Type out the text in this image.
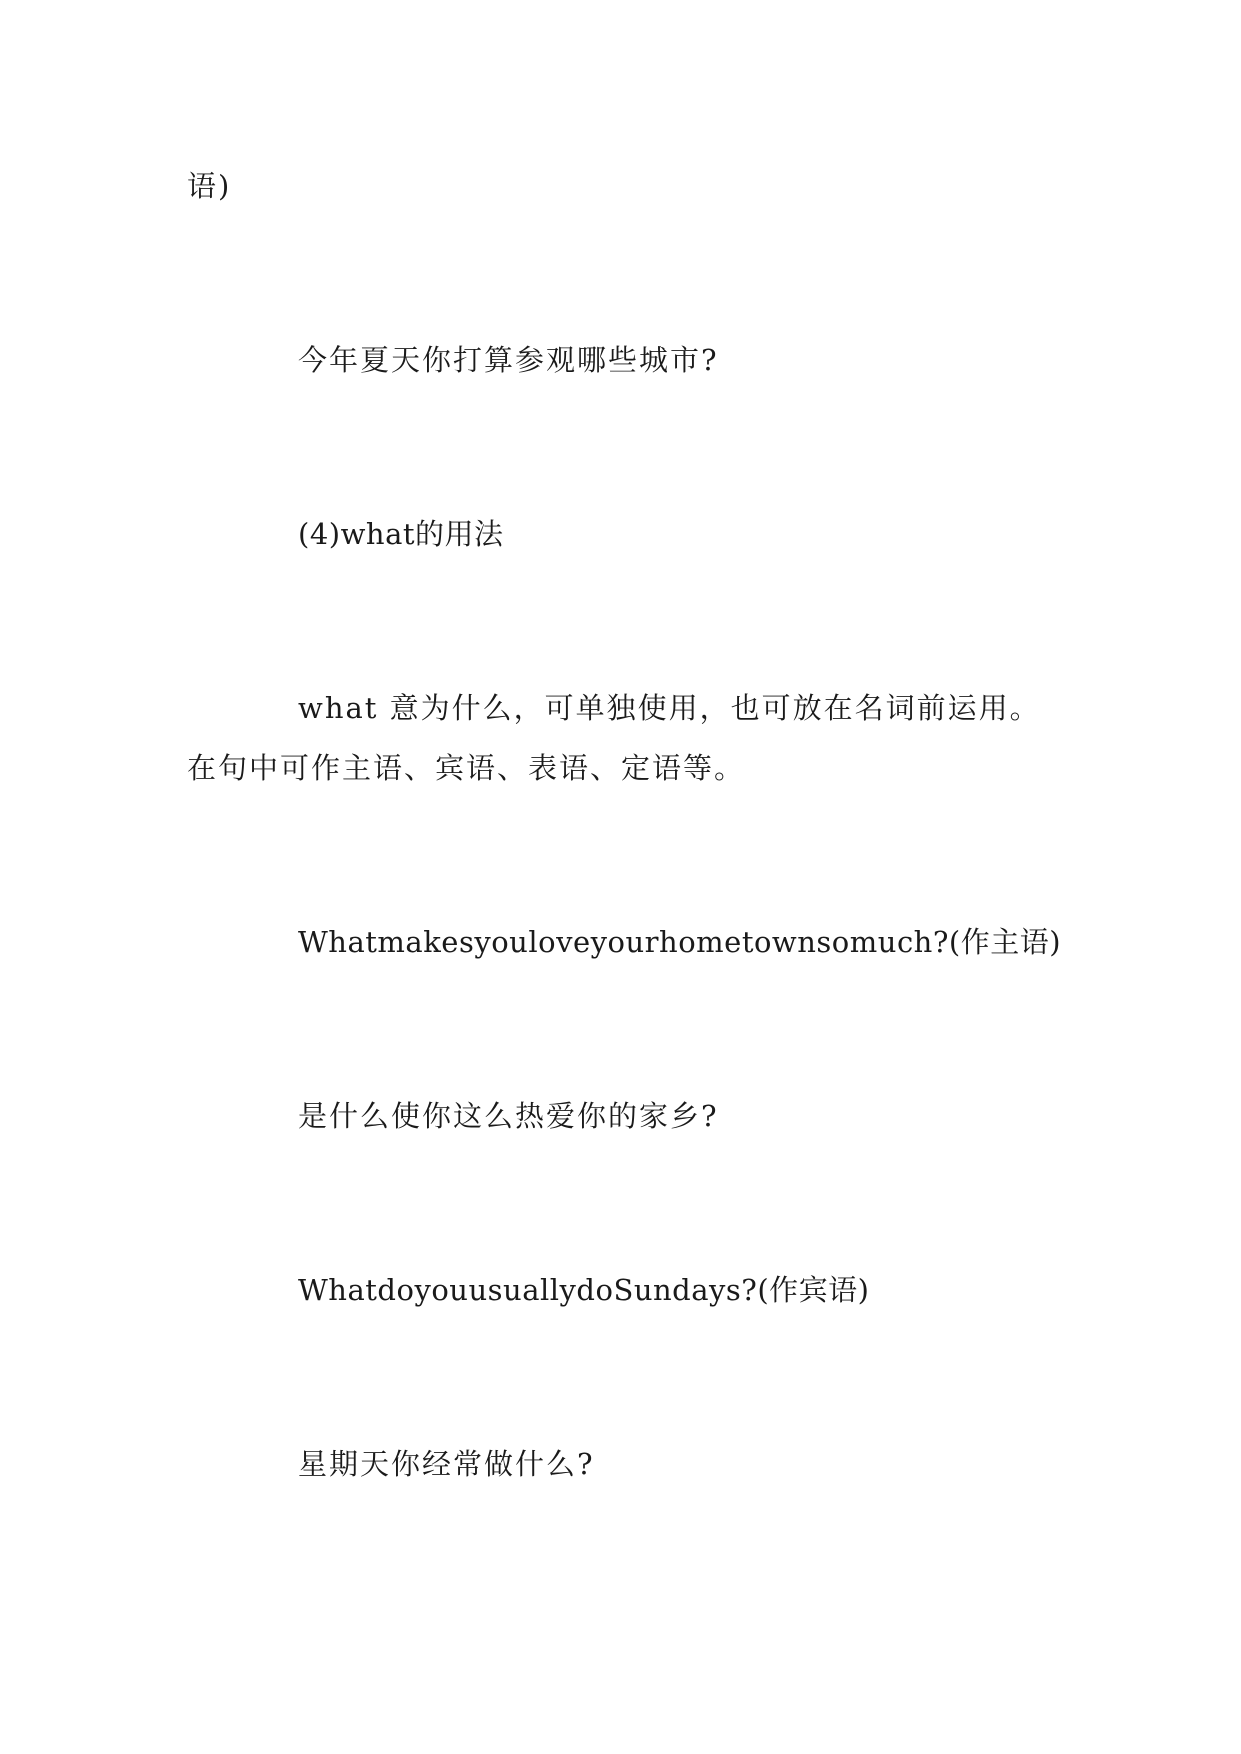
语)
今年夏天你打算参观哪些城市?
(4)what的用法
what 意为什么，可单独使用，也可放在名词前运用。
在句中可作主语、宾语、表语、定语等。
Whatmakesyouloveyourhometownsomuch?(作主语)
是什么使你这么热爱你的家乡?
WhatdoyouusuallydoSundays?(作宾语)
星期天你经常做什么?
